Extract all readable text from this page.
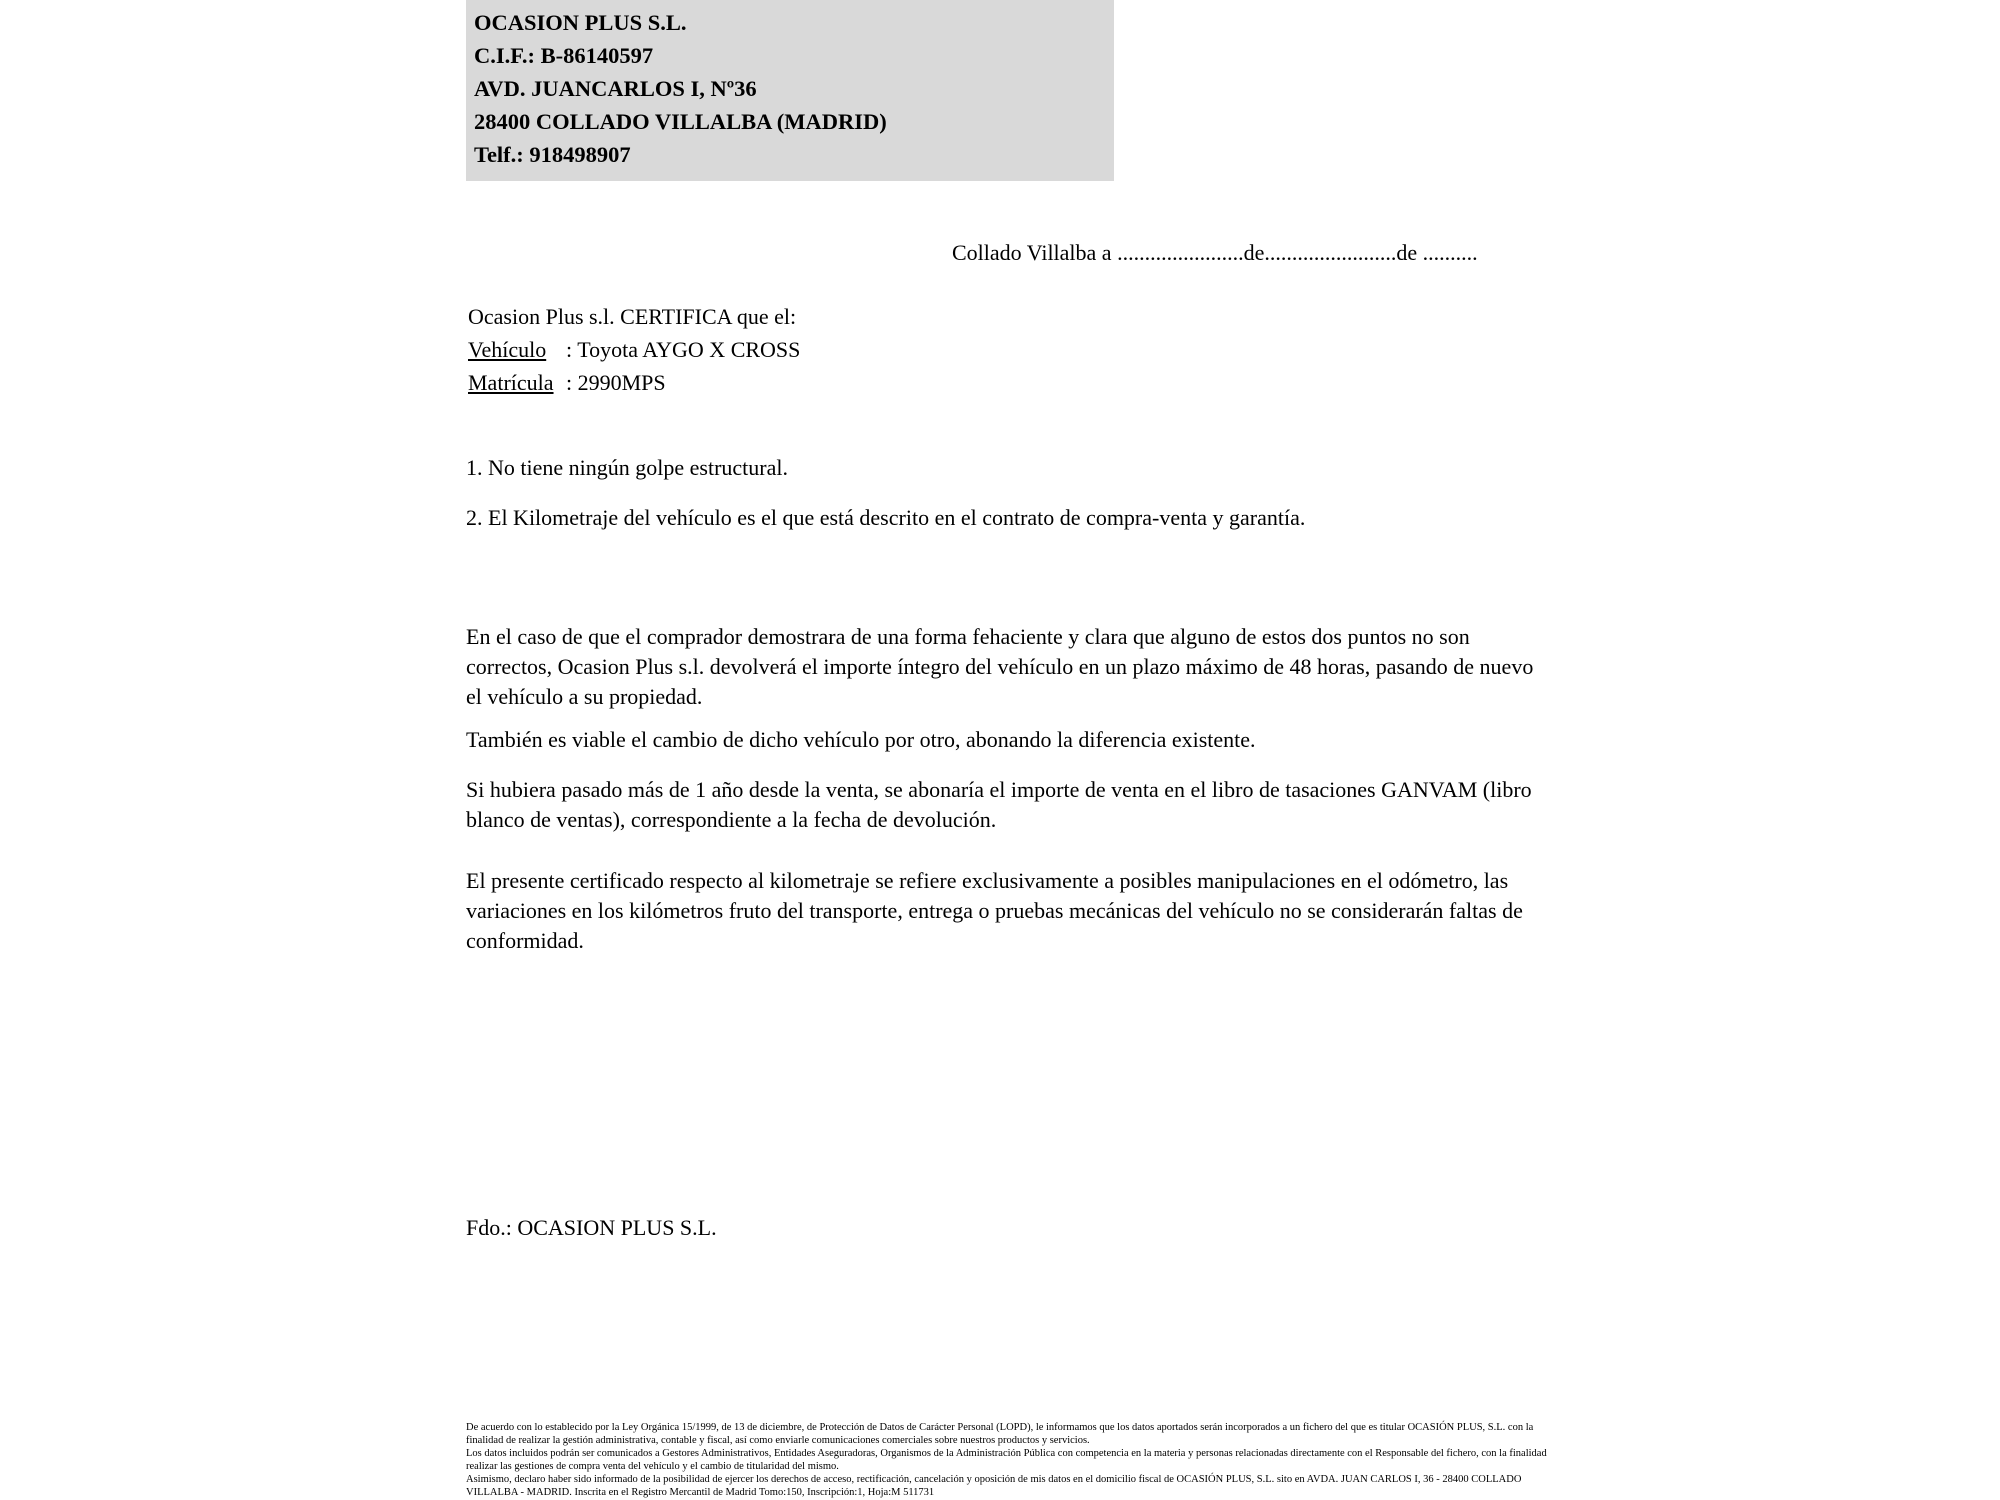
OCASION PLUS S.L.
C.I.F.: B-86140597
AVD. JUANCARLOS I, Nº36
28400 COLLADO VILLALBA (MADRID)
Telf.: 918498907
Collado Villalba a .......................de........................de ..........
Ocasion Plus s.l. CERTIFICA que el:
Vehículo : Toyota AYGO X CROSS
Matrícula : 2990MPS
1. No tiene ningún golpe estructural.
2. El Kilometraje del vehículo es el que está descrito en el contrato de compra-venta y garantía.
En el caso de que el comprador demostrara de una forma fehaciente y clara que alguno de estos dos puntos no son correctos, Ocasion Plus s.l. devolverá el importe íntegro del vehículo en un plazo máximo de 48 horas, pasando de nuevo el vehículo a su propiedad.
También es viable el cambio de dicho vehículo por otro, abonando la diferencia existente.
Si hubiera pasado más de 1 año desde la venta, se abonaría el importe de venta en el libro de tasaciones GANVAM (libro blanco de ventas), correspondiente a la fecha de devolución.
El presente certificado respecto al kilometraje se refiere exclusivamente a posibles manipulaciones en el odómetro, las variaciones en los kilómetros fruto del transporte, entrega o pruebas mecánicas del vehículo no se considerarán faltas de conformidad.
Fdo.: OCASION PLUS S.L.

De acuerdo con lo establecido por la Ley Orgánica 15/1999, de 13 de diciembre, de Protección de Datos de Carácter Personal (LOPD), le informamos que los datos aportados serán incorporados a un fichero del que es titular OCASIÓN PLUS, S.L. con la finalidad de realizar la gestión administrativa, contable y fiscal, así como enviarle comunicaciones comerciales sobre nuestros productos y servicios.

Los datos incluidos podrán ser comunicados a Gestores Administrativos, Entidades Aseguradoras, Organismos de la Administración Pública con competencia en la materia y personas relacionadas directamente con el Responsable del fichero, con la finalidad realizar las gestiones de compra venta del vehículo y el cambio de titularidad del mismo.

Asimismo, declaro haber sido informado de la posibilidad de ejercer los derechos de acceso, rectificación, cancelación y oposición de mis datos en el domicilio fiscal de OCASIÓN PLUS, S.L. sito en AVDA. JUAN CARLOS I, 36 - 28400 COLLADO VILLALBA - MADRID. Inscrita en el Registro Mercantil de Madrid Tomo:150, Inscripción:1, Hoja:M 511731
